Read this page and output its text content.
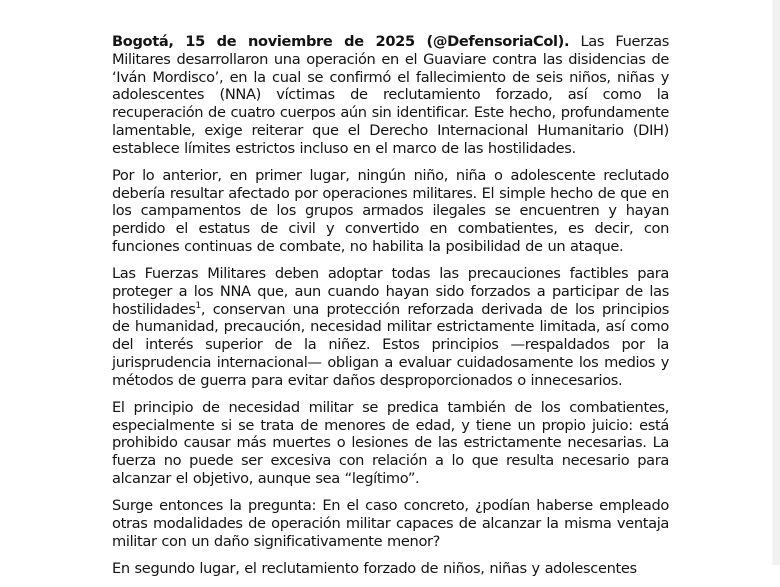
Bogotá, 15 de noviembre de 2025 (@DefensoriaCol). Las Fuerzas Militares desarrollaron una operación en el Guaviare contra las disidencias de ‘Iván Mordisco’, en la cual se confirmó el fallecimiento de seis niños, niñas y adolescentes (NNA) víctimas de reclutamiento forzado, así como la recuperación de cuatro cuerpos aún sin identificar. Este hecho, profundamente lamentable, exige reiterar que el Derecho Internacional Humanitario (DIH) establece límites estrictos incluso en el marco de las hostilidades.

Por lo anterior, en primer lugar, ningún niño, niña o adolescente reclutado debería resultar afectado por operaciones militares. El simple hecho de que en los campamentos de los grupos armados ilegales se encuentren y hayan perdido el estatus de civil y convertido en combatientes, es decir, con funciones continuas de combate, no habilita la posibilidad de un ataque.

Las Fuerzas Militares deben adoptar todas las precauciones factibles para proteger a los NNA que, aun cuando hayan sido forzados a participar de las hostilidades$^1$, conservan una protección reforzada derivada de los principios de humanidad, precaución, necesidad militar estrictamente limitada, así como del interés superior de la niñez. Estos principios —respaldados por la jurisprudencia internacional— obligan a evaluar cuidadosamente los medios y métodos de guerra para evitar daños desproporcionados o innecesarios.

El principio de necesidad militar se predica también de los combatientes, especialmente si se trata de menores de edad, y tiene un propio juicio: está prohibido causar más muertes o lesiones de las estrictamente necesarias. La fuerza no puede ser excesiva con relación a lo que resulta necesario para alcanzar el objetivo, aunque sea “legítimo”.

Surge entonces la pregunta: En el caso concreto, ¿podían haberse empleado otras modalidades de operación militar capaces de alcanzar la misma ventaja militar con un daño significativamente menor?

En segundo lugar, el reclutamiento forzado de niños, niñas y adolescentes
